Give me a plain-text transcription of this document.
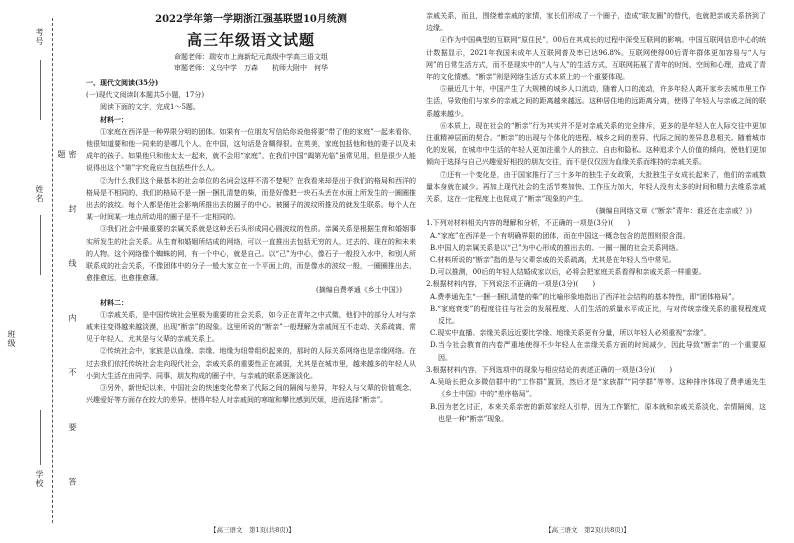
考号
姓名
班级
学校	密 封 线 内 不 要 答 题

2022学年第一学期浙江强基联盟10月统测

高三年级语文试题

命题老师：瑞安市上海新纪元高级中学高三语文组

审题老师：义乌中学　万森　　杭师大附中　何华

一、现代文阅读(35分)

(一)现代文阅读Ⅰ(本题共5小题，17分)

阅读下面的文字，完成1～5题。

材料一：

①家庭在西洋是一种界限分明的团体。如果有一位朋友写信给你说他将要“带了他的家庭”一起来看你，他很知道要和他一同来的是哪几个人。在中国，这句话是含糊得很。在英美，家庭包括他和他的妻子以及未成年的孩子。如果他只和他太太一起来，就不会用“家庭”。在我们中国“阖第光临”虽常见用，但是很少人能说得出这个“第”字究竟应当包括些什么人。

②为什么我们这个最基本的社会单位的名词会这样不清不楚呢？在我看来却是出于我们的格局和西洋的格局是不相同的，我们的格局不是一捆一捆扎清楚的柴，而是好像把一块石头丢在水面上所发生的一圈圈推出去的波纹。每个人都是他社会影响所推出去的圈子的中心。被圈子的波纹所推及的就发生联系。每个人在某一时间某一地点所动用的圈子是不一定相同的。

③我们社会中最重要的亲属关系就是这种丢石头形成同心圆波纹的性质。亲属关系是根据生育和婚姻事实所发生的社会关系。从生育和婚姻所结成的网络，可以一直推出去包括无穷的人，过去的、现在的和未来的人物。这个网络像个蜘蛛的网，有一个中心，就是自己。以“己”为中心，像石子一般投入水中，和别人所联系成的社会关系，不像团体中的分子一般大家立在一个平面上的，而是像水的波纹一般，一圈圈推出去，愈推愈远，也愈推愈薄。

(摘编自费孝通《乡土中国》)

材料二：

①亲戚关系，是中国传统社会里极为重要的社会关系，如今正在青年之中式微，他们中的部分人对与亲戚来往变得越来越淡漠，出现“断亲”的现象。这里所说的“断亲”一般理解为亲戚间互不走动、关系疏离，常见于年轻人，尤其是与父辈的亲戚关系上。

②传统社会中，家族是以血缘、亲缘、地缘为纽带组织起来的，那时的人际关系网络也是亲缘网络。在过去我们依托传统社会走向现代社会，亲戚关系的重要性正在减弱，尤其是在城市里，越来越多的年轻人从小到大生活在由同学、同事、朋友构成的圈子中，与亲戚的联系逐渐淡化。

③另外，新世纪以来，中国社会的快速变化带来了代际之间的隔阂与差异，年轻人与父辈的价值观念、兴趣爱好等方面存在较大的差异，使得年轻人对亲戚间的寒暄和攀比感到厌烦，进而选择“断亲”。

亲戚关系，而且，围绕着亲戚的家情，家长们形成了一个圈子，造成“联友圈”的替代，也就把亲戚关系挤到了边缘。

④作为中国典型的互联网“原住民”，00后在其成长的过程中深受互联网的影响。中国互联网信息中心的统计数据显示，2021年我国未成年人互联网普及率已达96.8%。互联网使得00后青年群体更加容易与“人与网”的日常生活方式，而不是现实中的“人与人”的生活方式，互联网拓展了青年的时间、空间和心理，造成了青年的文化情感。“断亲”则是网络生活方式本质上的一个重要体现。

⑤最近几十年，中国产生了大规模的城乡人口流动，随着人口的流动，许多年轻人离开家乡去城市里工作生活，导致他们与家乡的亲戚之间的距离越来越远。这种居住地的远距离分离，使得了年轻人与亲戚之间的联系越来越少。

⑥本质上，现在社会的“断亲”行为其实并不是对亲戚关系的完全排斥，更多的是年轻人在人际交往中更加注重精神层面的契合。“断亲”的出现与个体化的进程、城乡之间的差异、代际之间的差异息息相关。随着城市化的发展，在城市中生活的年轻人更加注重个人的独立、自由和隐私。这种追求个人价值的倾向，使他们更加倾向于选择与自己兴趣爱好相投的朋友交往，而不是仅仅因为血缘关系而维持的亲戚关系。

⑦还有一个变化是，由于国家推行了三十多年的独生子女政策，大批独生子女成长起来了，他们的亲戚数量本身就在减少。再加上现代社会的生活节奏加快、工作压力加大，年轻人没有太多的时间和精力去维系亲戚关系，这在一定程度上也促成了“断亲”现象的产生。

(摘编自网络文章《“断亲”青年：谁还在走亲戚？》)

1.下列对材料相关内容的理解和分析，不正确的一项是(3分)(　　)

A.“家庭”在西洋是一个有明确界限的团体，而在中国这一概念包含的范围则很含混。

B.中国人的亲属关系是以“己”为中心形成的推出去的、一圈一圈的社会关系网络。

C.材料所说的“断亲”指的是与父辈亲戚的关系疏离，尤其是在年轻人当中常见。

D.可以推测，00后的年轻人结婚成家以后，必将会把家庭关系看得和亲戚关系一样重要。

2.根据材料内容，下列说法不正确的一项是(3分)(　　)

A.费孝通先生“一捆一捆扎清楚的柴”的比喻形象地指出了西洋社会结构的基本特性，即“团体格局”。

B.“家庭衰变”的程度往往与社会的发展程度、人们生活的质量水平成正比，与对传统亲缘关系的重视程度成反比。

C.现实中直播、亲缘关系远近要比学缘、地缘关系更有分量，所以年轻人必须重视“亲缘”。

D.当今社会教育的内卷严重地使得不少年轻人在亲缘关系方面的时间减少，因此导致“断亲”的一个重要原因。

3.根据材料内容，下列选项中的现象与相应结论的表述正确的一项是(3分)(　　)

A.吴晗长把众多微信群中的“工作群”置顶，然后才是“家族群”“同学群”等等。这种排序体现了费孝通先生《乡土中国》中的“差序格局”。

B.因为老乞讨正，本来关系亲密的新郑家经人引荐，因为工作繁忙，原本就和亲戚关系淡化，亲情隔阂，这也是一种“断亲”现象。

【高三语文　第1页(共8页)】	【高三语文　第2页(共8页)】
